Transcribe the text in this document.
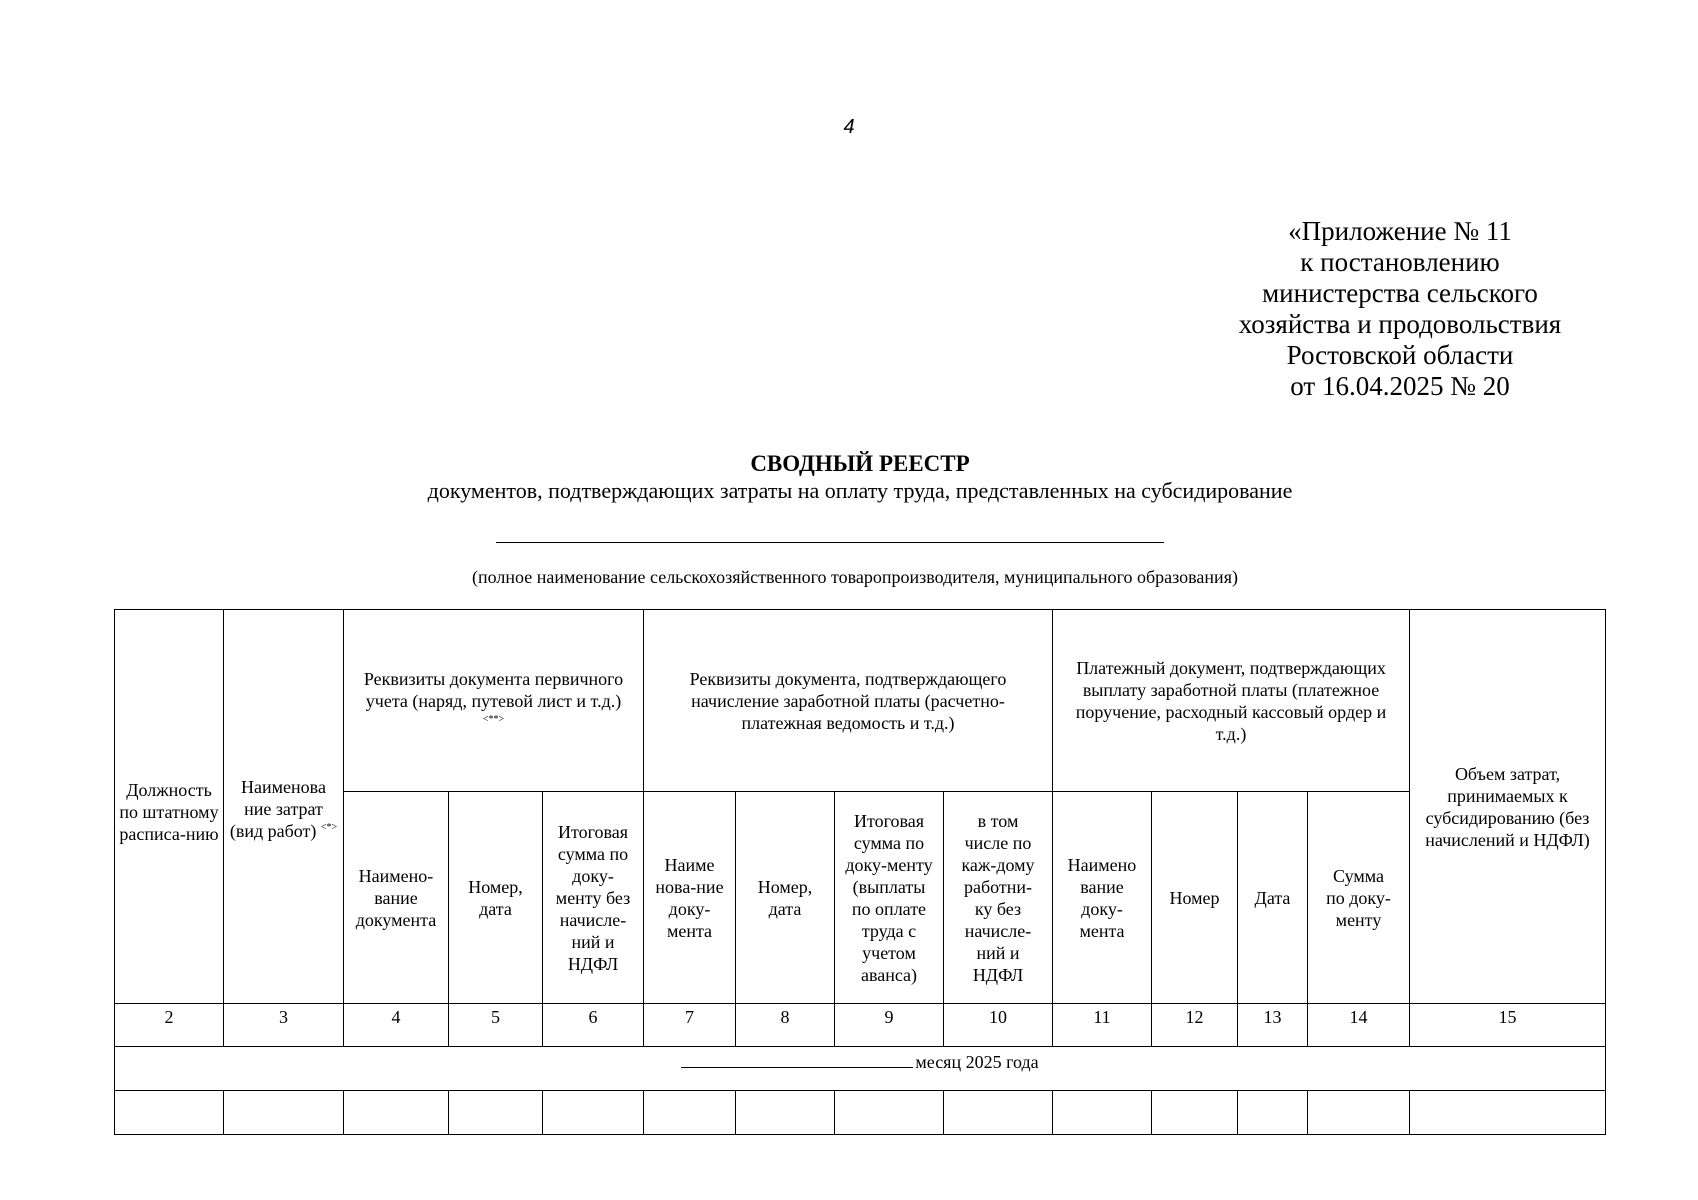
4
«Приложение № 11
к постановлению
министерства сельского
хозяйства и продовольствия
Ростовской области
от 16.04.2025 № 20
СВОДНЫЙ РЕЕСТР
документов, подтверждающих затраты на оплату труда, представленных на субсидирование
(полное наименование сельскохозяйственного товаропроизводителя, муниципального образования)
Должность по штатному расписа-нию	Наименова ние затрат (вид работ) <*>	Реквизиты документа первичного учета (наряд, путевой лист и т.д.) <**>			Реквизиты документа, подтверждающего начисление заработной платы (расчетно-платежная ведомость и т.д.)				Платежный документ, подтверждающих выплату заработной платы (платежное поручение, расходный кассовый ордер и т.д.)				Объем затрат, принимаемых к субсидированию (без начислений и НДФЛ)
		Наимено-вание документа	Номер, дата	Итоговая сумма по доку-менту без начисле-ний и НДФЛ	Наиме нова-ние доку-мента	Номер, дата	Итоговая сумма по доку-менту (выплаты по оплате труда с учетом аванса)	в том числе по каж-дому работни-ку без начисле-ний и НДФЛ	Наимено вание доку-мента	Номер	Дата	Сумма по доку-менту	
2	3	4	5	6	7	8	9	10	11	12	13	14	15
месяц 2025 года													
